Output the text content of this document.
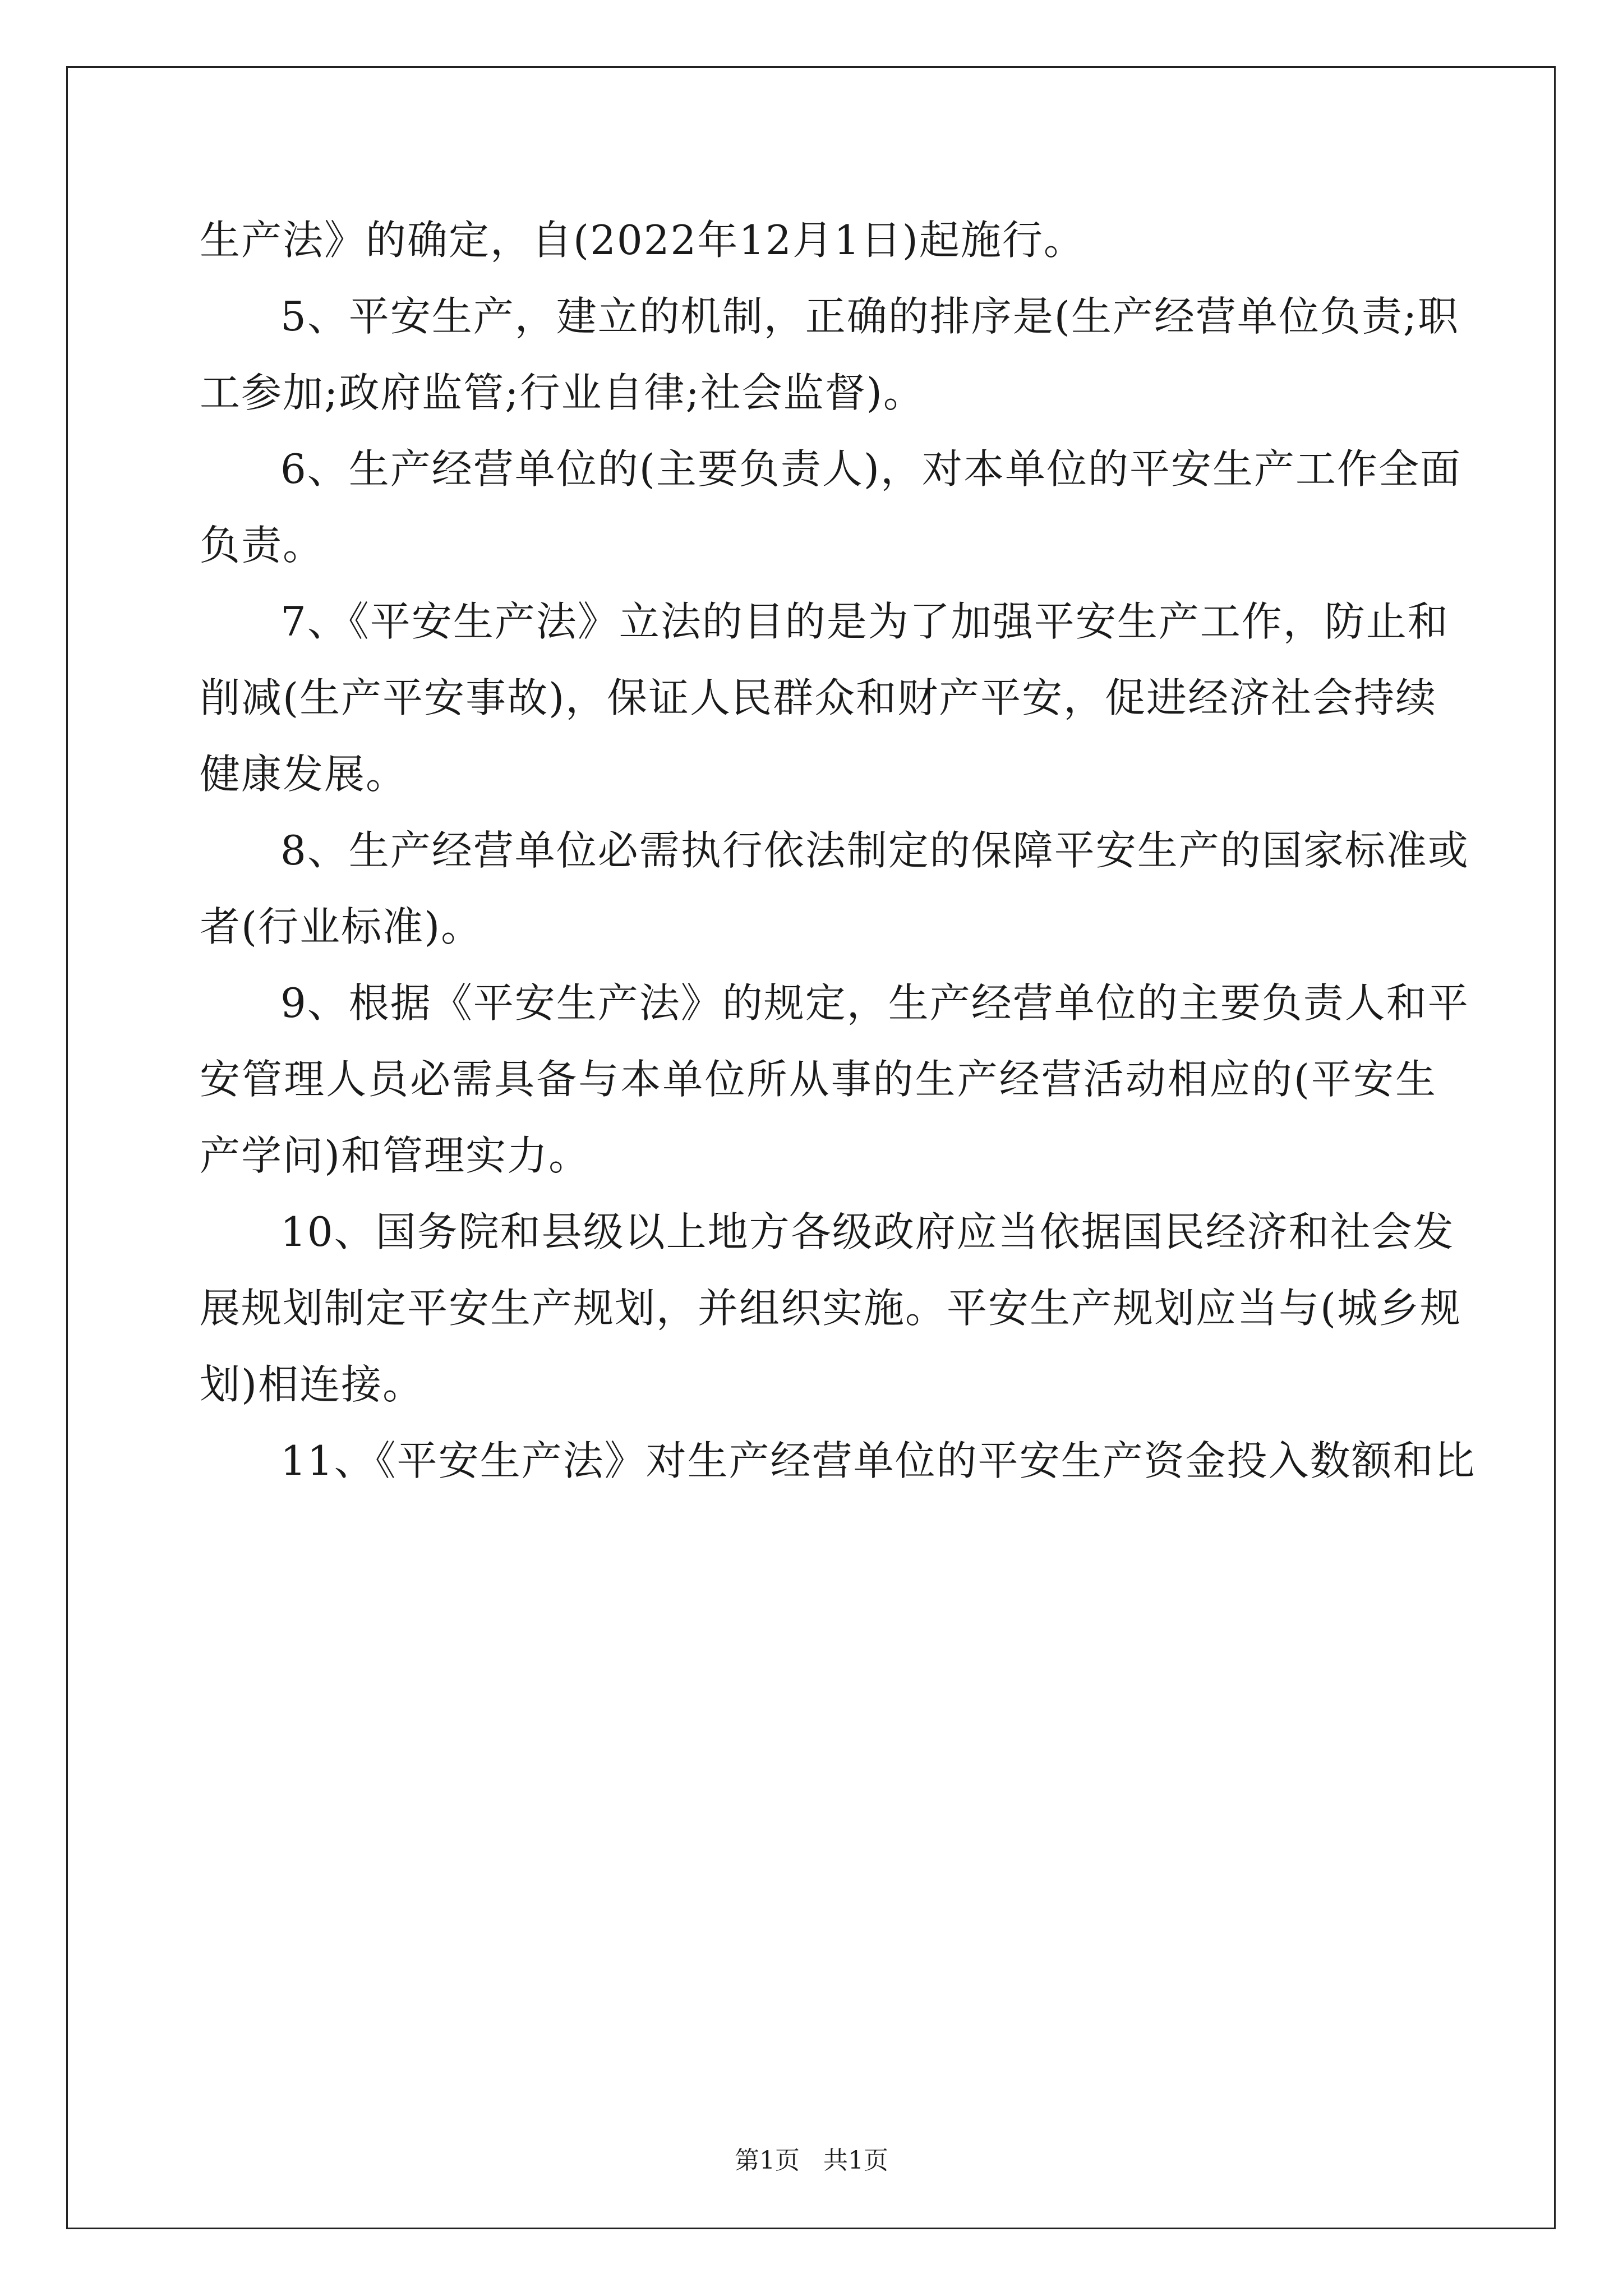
生产法》的确定，自(2022年12月1日)起施行。
5、平安生产，建立的机制，正确的排序是(生产经营单位负责;职
工参加;政府监管;行业自律;社会监督)。
6、生产经营单位的(主要负责人)，对本单位的平安生产工作全面
负责。
7、《平安生产法》立法的目的是为了加强平安生产工作，防止和
削减(生产平安事故)，保证人民群众和财产平安，促进经济社会持续
健康发展。
8、生产经营单位必需执行依法制定的保障平安生产的国家标准或
者(行业标准)。
9、根据《平安生产法》的规定，生产经营单位的主要负责人和平
安管理人员必需具备与本单位所从事的生产经营活动相应的(平安生
产学问)和管理实力。
10、国务院和县级以上地方各级政府应当依据国民经济和社会发
展规划制定平安生产规划，并组织实施。平安生产规划应当与(城乡规
划)相连接。
11、《平安生产法》对生产经营单位的平安生产资金投入数额和比
第1页 共1页
